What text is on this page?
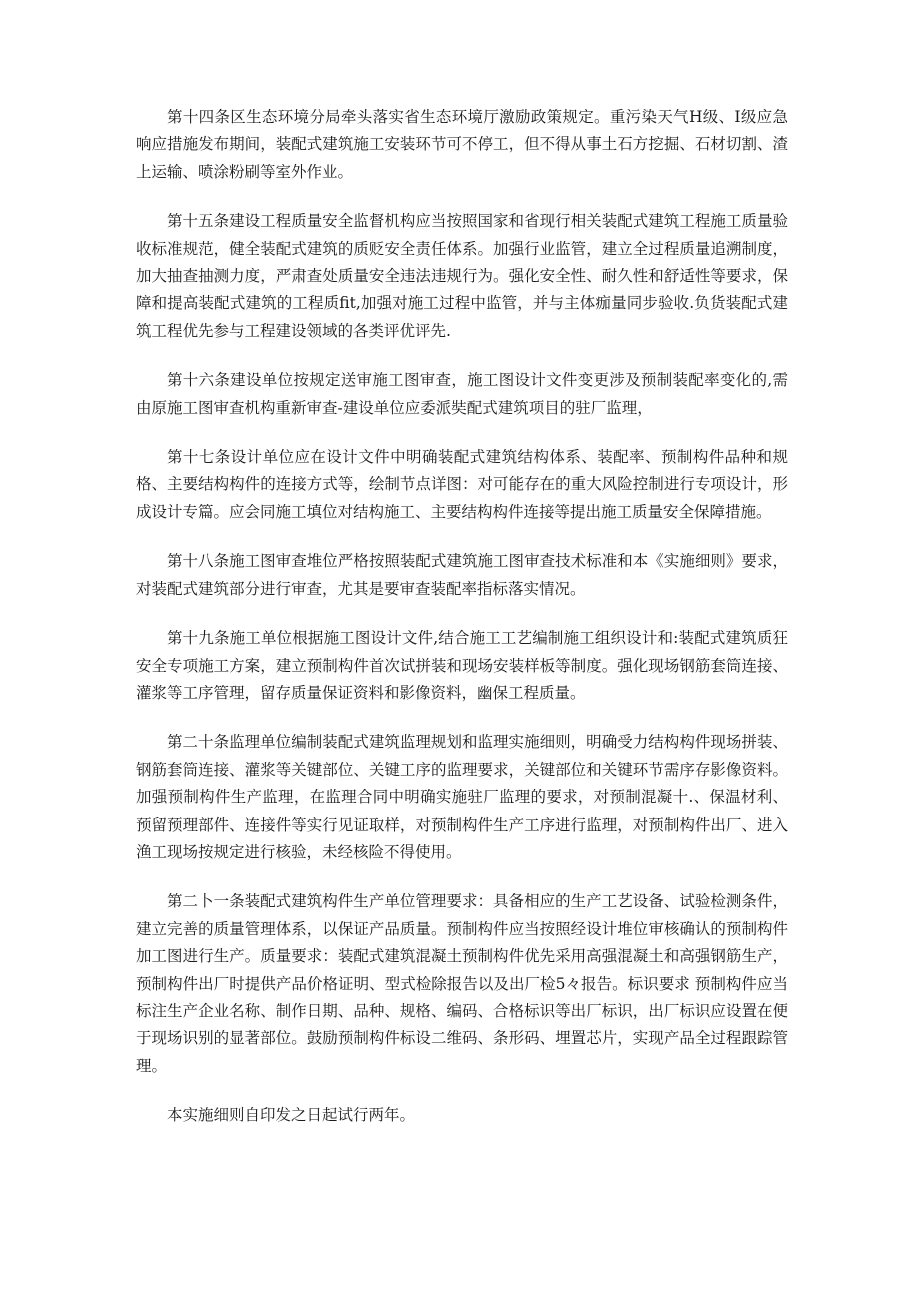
第十四条区生态环境分局牵头落实省生态环境厅激励政策规定。重污染天气H级、I级应急响应措施发布期间，装配式建筑施工安装环节可不停工，但不得从事土石方挖掘、石材切割、渣上运输、喷涂粉刷等室外作业。

第十五条建设工程质量安全监督机构应当按照国家和省现行相关装配式建筑工程施工质量验收标准规范，健全装配式建筑的质贬安全责任体系。加强行业监管，建立全过程质量追溯制度，加大抽查抽测力度，严肃查处质量安全违法违规行为。强化安全性、耐久性和舒适性等要求，保障和提高装配式建筑的工程质fit,加强对施工过程中监管，并与主体痂量同步验收.负货装配式建筑工程优先参与工程建设领域的各类评优评先.

第十六条建设单位按规定送审施工图审查，施工图设计文件变更涉及预制装配率变化的,需由原施工图审查机构重新审查-建设单位应委派奘配式建筑项目的驻厂监理，

第十七条设计单位应在设计文件中明确装配式建筑结构体系、装配率、预制构件品种和规格、主要结构构件的连接方式等，绘制节点详图：对可能存在的重大风险控制进行专项设计，形成设计专篇。应会同施工填位对结构施工、主要结构构件连接等提出施工质量安全保障措施。

第十八条施工图审查堆位严格按照装配式建筑施工图审查技术标准和本《实施细则》要求，对装配式建筑部分进行审查，尤其是要审查装配率指标落实情况。

第十九条施工单位根据施工图设计文件,结合施工工艺编制施工组织设计和:装配式建筑质狂安全专项施工方案，建立预制构件首次试拼装和现场安装样板等制度。强化现场钢筋套筒连接、灌浆等工序管理，留存质量保证资料和影像资料，幽保工程质量。

第二十条监理单位编制装配式建筑监理规划和监理实施细则，明确受力结构构件现场拼装、钢筋套筒连接、灌浆等关键部位、关键工序的监理要求，关键部位和关键环节需序存影像资料。加强预制构件生产监理，在监理合同中明确实施驻厂监理的要求，对预制混凝十.、保温材利、预留预理部件、连接件等实行见证取样，对预制构件生产工序进行监理，对预制构件出厂、进入渔工现场按规定进行核验，未经核险不得使用。

第二卜一条装配式建筑构件生产单位管理要求：具备相应的生产工艺设备、试验检测条件，建立完善的质量管理体系，以保证产品质量。预制构件应当按照经设计堆位审核确认的预制构件加工图进行生产。质量要求：装配式建筑混凝土预制构件优先采用高强混凝土和高强钢筋生产，预制构件出厂时提供产品价格证明、型式检除报告以及出厂检5々报告。标识要求 预制构件应当标注生产企业名称、制作日期、品种、规格、编码、合格标识等出厂标识，出厂标识应设置在便于现场识别的显著部位。鼓励预制构件标设二维码、条形码、埋置芯片，实现产品全过程跟踪管理。

本实施细则自印发之日起试行两年。
